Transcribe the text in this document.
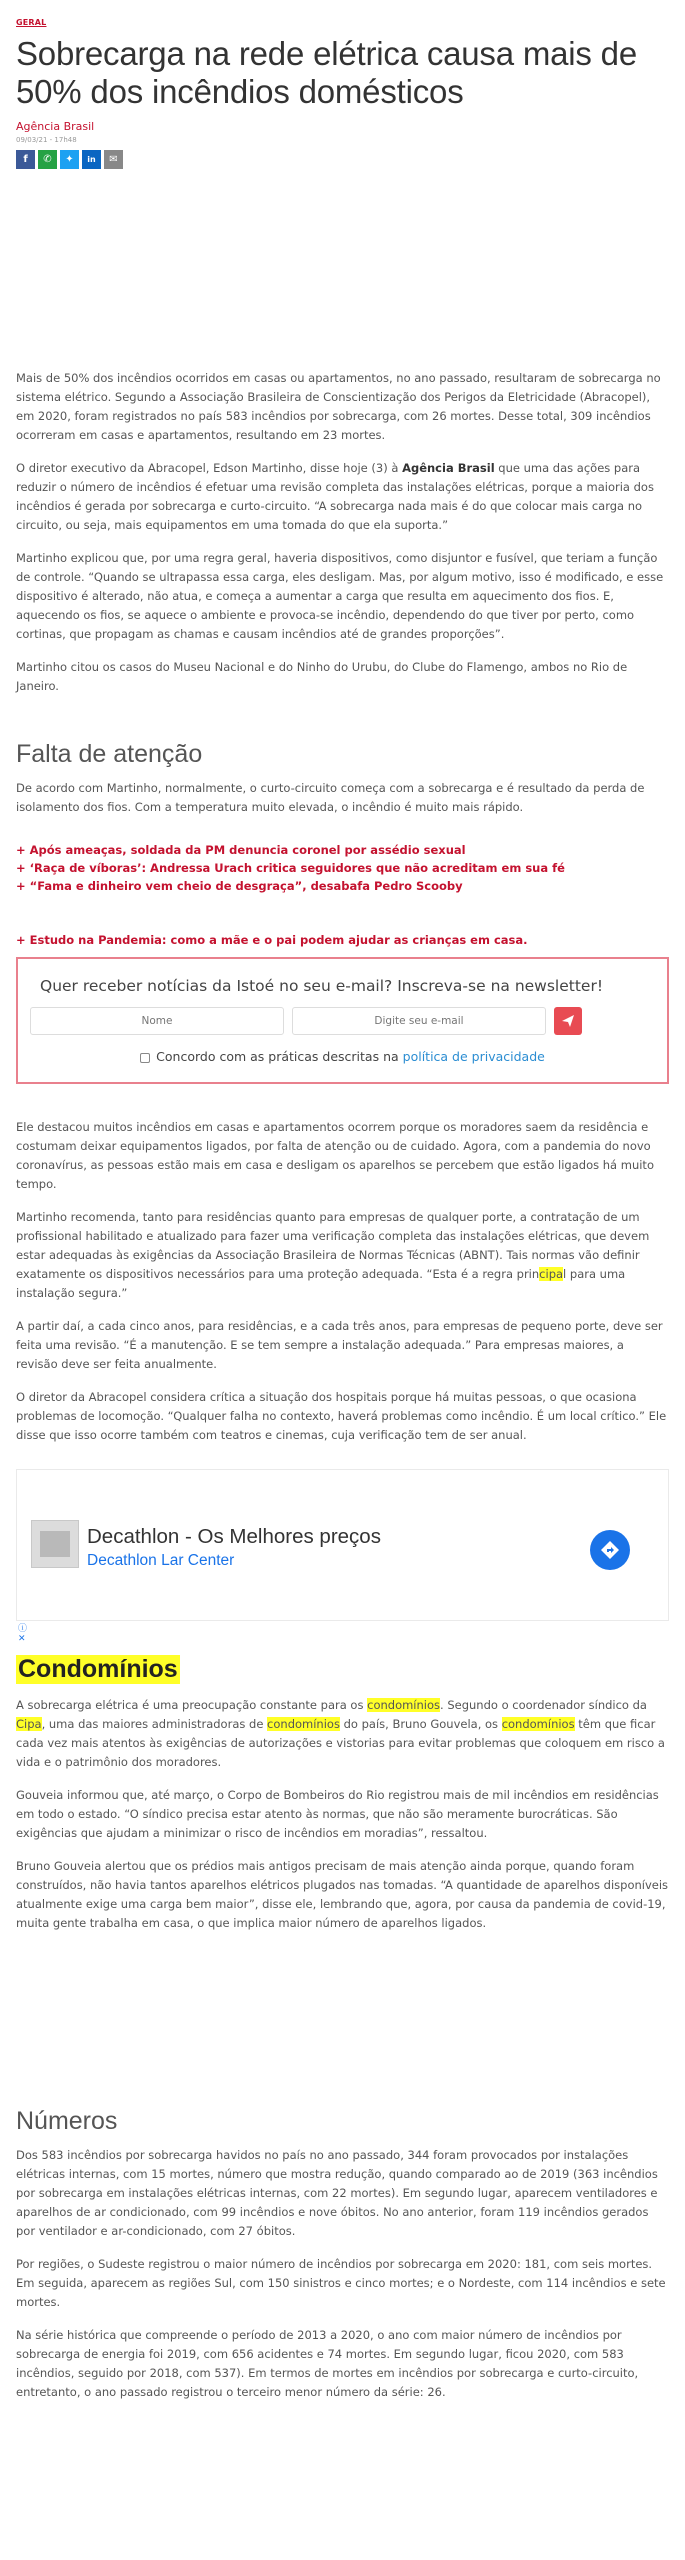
GERAL
Sobrecarga na rede elétrica causa mais de 50% dos incêndios domésticos
Agência Brasil
09/03/21 - 17h48
f	✆	✦	in	✉

Mais de 50% dos incêndios ocorridos em casas ou apartamentos, no ano passado, resultaram de sobrecarga no sistema elétrico. Segundo a Associação Brasileira de Conscientização dos Perigos da Eletricidade (Abracopel), em 2020, foram registrados no país 583 incêndios por sobrecarga, com 26 mortes. Desse total, 309 incêndios ocorreram em casas e apartamentos, resultando em 23 mortes.

O diretor executivo da Abracopel, Edson Martinho, disse hoje (3) à Agência Brasil que uma das ações para reduzir o número de incêndios é efetuar uma revisão completa das instalações elétricas, porque a maioria dos incêndios é gerada por sobrecarga e curto-circuito. “A sobrecarga nada mais é do que colocar mais carga no circuito, ou seja, mais equipamentos em uma tomada do que ela suporta.”

Martinho explicou que, por uma regra geral, haveria dispositivos, como disjuntor e fusível, que teriam a função de controle. “Quando se ultrapassa essa carga, eles desligam. Mas, por algum motivo, isso é modificado, e esse dispositivo é alterado, não atua, e começa a aumentar a carga que resulta em aquecimento dos fios. E, aquecendo os fios, se aquece o ambiente e provoca-se incêndio, dependendo do que tiver por perto, como cortinas, que propagam as chamas e causam incêndios até de grandes proporções”.

Martinho citou os casos do Museu Nacional e do Ninho do Urubu, do Clube do Flamengo, ambos no Rio de Janeiro.

Falta de atenção

De acordo com Martinho, normalmente, o curto-circuito começa com a sobrecarga e é resultado da perda de isolamento dos fios. Com a temperatura muito elevada, o incêndio é muito mais rápido.

+ Após ameaças, soldada da PM denuncia coronel por assédio sexual
+ ‘Raça de víboras’: Andressa Urach critica seguidores que não acreditam em sua fé
+ “Fama e dinheiro vem cheio de desgraça”, desabafa Pedro Scooby
+ Estudo na Pandemia: como a mãe e o pai podem ajudar as crianças em casa.
Quer receber notícias da Istoé no seu e-mail? Inscreva-se na newsletter!
Nome
Digite seu e-mail
Concordo com as práticas descritas na política de privacidade

Ele destacou muitos incêndios em casas e apartamentos ocorrem porque os moradores saem da residência e costumam deixar equipamentos ligados, por falta de atenção ou de cuidado. Agora, com a pandemia do novo coronavírus, as pessoas estão mais em casa e desligam os aparelhos se percebem que estão ligados há muito tempo.

Martinho recomenda, tanto para residências quanto para empresas de qualquer porte, a contratação de um profissional habilitado e atualizado para fazer uma verificação completa das instalações elétricas, que devem estar adequadas às exigências da Associação Brasileira de Normas Técnicas (ABNT). Tais normas vão definir exatamente os dispositivos necessários para uma proteção adequada. “Esta é a regra principal para uma instalação segura.”

A partir daí, a cada cinco anos, para residências, e a cada três anos, para empresas de pequeno porte, deve ser feita uma revisão. “É a manutenção. E se tem sempre a instalação adequada.” Para empresas maiores, a revisão deve ser feita anualmente.

O diretor da Abracopel considera crítica a situação dos hospitais porque há muitas pessoas, o que ocasiona problemas de locomoção. “Qualquer falha no contexto, haverá problemas como incêndio. É um local crítico.” Ele disse que isso ocorre também com teatros e cinemas, cuja verificação tem de ser anual.

Decathlon - Os Melhores preços
Decathlon Lar Center
ⓘ
✕
Condomínios

A sobrecarga elétrica é uma preocupação constante para os condomínios. Segundo o coordenador síndico da Cipa, uma das maiores administradoras de condomínios do país, Bruno Gouvela, os condomínios têm que ficar cada vez mais atentos às exigências de autorizações e vistorias para evitar problemas que coloquem em risco a vida e o patrimônio dos moradores.

Gouveia informou que, até março, o Corpo de Bombeiros do Rio registrou mais de mil incêndios em residências em todo o estado. “O síndico precisa estar atento às normas, que não são meramente burocráticas. São exigências que ajudam a minimizar o risco de incêndios em moradias”, ressaltou.

Bruno Gouveia alertou que os prédios mais antigos precisam de mais atenção ainda porque, quando foram construídos, não havia tantos aparelhos elétricos plugados nas tomadas. “A quantidade de aparelhos disponíveis atualmente exige uma carga bem maior”, disse ele, lembrando que, agora, por causa da pandemia de covid-19, muita gente trabalha em casa, o que implica maior número de aparelhos ligados.

Números

Dos 583 incêndios por sobrecarga havidos no país no ano passado, 344 foram provocados por instalações elétricas internas, com 15 mortes, número que mostra redução, quando comparado ao de 2019 (363 incêndios por sobrecarga em instalações elétricas internas, com 22 mortes). Em segundo lugar, aparecem ventiladores e aparelhos de ar condicionado, com 99 incêndios e nove óbitos. No ano anterior, foram 119 incêndios gerados por ventilador e ar-condicionado, com 27 óbitos.

Por regiões, o Sudeste registrou o maior número de incêndios por sobrecarga em 2020: 181, com seis mortes. Em seguida, aparecem as regiões Sul, com 150 sinistros e cinco mortes; e o Nordeste, com 114 incêndios e sete mortes.

Na série histórica que compreende o período de 2013 a 2020, o ano com maior número de incêndios por sobrecarga de energia foi 2019, com 656 acidentes e 74 mortes. Em segundo lugar, ficou 2020, com 583 incêndios, seguido por 2018, com 537). Em termos de mortes em incêndios por sobrecarga e curto-circuito, entretanto, o ano passado registrou o terceiro menor número da série: 26.
